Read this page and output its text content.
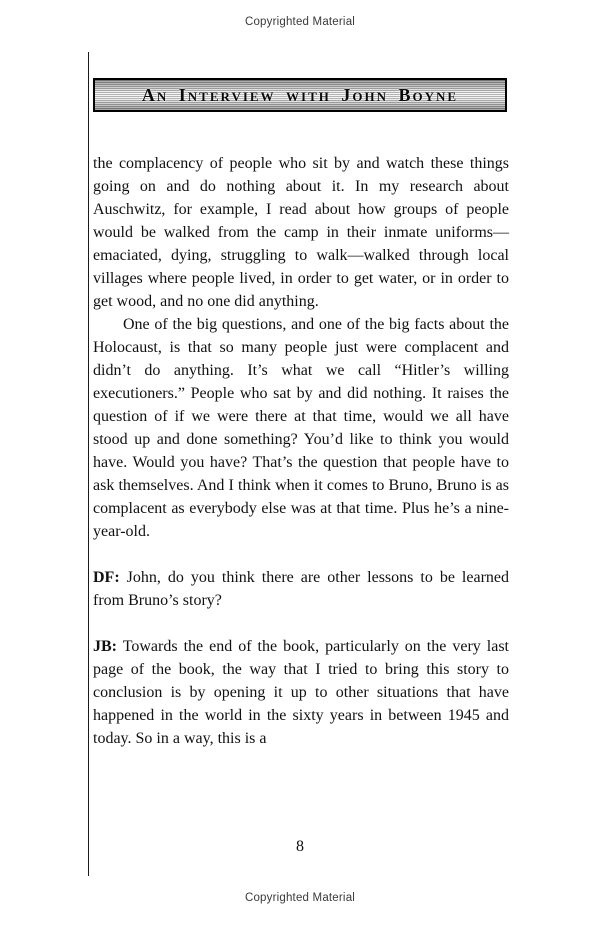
Copyrighted Material
An Interview with John Boyne

the complacency of people who sit by and watch these things going on and do nothing about it. In my research about Auschwitz, for example, I read about how groups of people would be walked from the camp in their inmate uniforms—emaciated, dying, struggling to walk—walked through local villages where people lived, in order to get water, or in order to get wood, and no one did anything.

One of the big questions, and one of the big facts about the Holocaust, is that so many people just were complacent and didn’t do anything. It’s what we call “Hitler’s willing executioners.” People who sat by and did nothing. It raises the question of if we were there at that time, would we all have stood up and done something? You’d like to think you would have. Would you have? That’s the question that people have to ask themselves. And I think when it comes to Bruno, Bruno is as complacent as everybody else was at that time. Plus he’s a nine-year-old.

DF: John, do you think there are other lessons to be learned from Bruno’s story?

JB: Towards the end of the book, particularly on the very last page of the book, the way that I tried to bring this story to conclusion is by opening it up to other situations that have happened in the world in the sixty years in between 1945 and today. So in a way, this is a

8
Copyrighted Material
